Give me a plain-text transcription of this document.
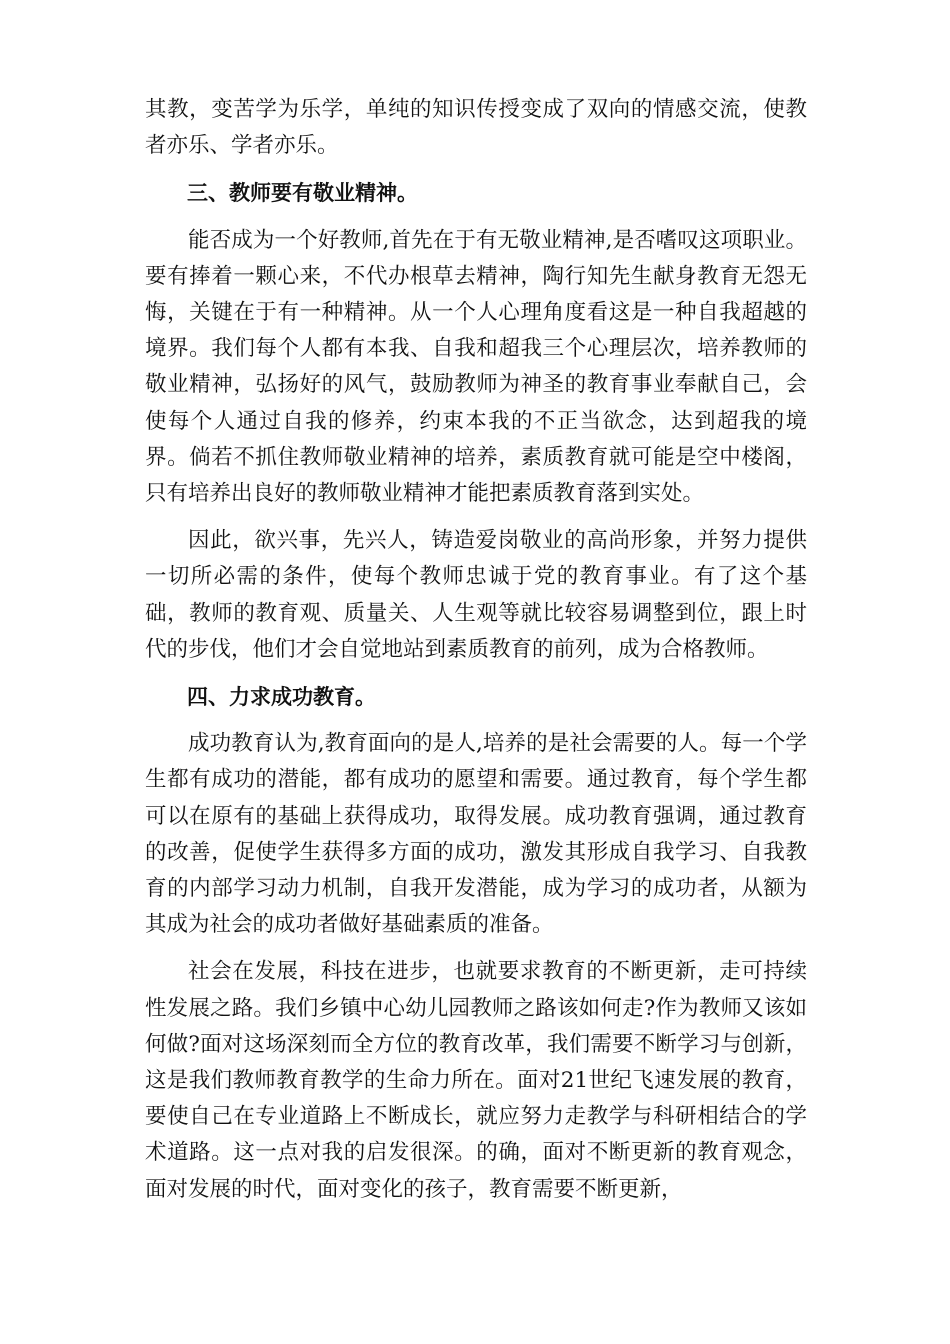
其教，变苦学为乐学，单纯的知识传授变成了双向的情感交流，使教者亦乐、学者亦乐。

三、教师要有敬业精神。

能否成为一个好教师,首先在于有无敬业精神,是否嗜叹这项职业。要有捧着一颗心来，不代办根草去精神，陶行知先生献身教育无怨无悔，关键在于有一种精神。从一个人心理角度看这是一种自我超越的境界。我们每个人都有本我、自我和超我三个心理层次，培养教师的敬业精神，弘扬好的风气，鼓励教师为神圣的教育事业奉献自己，会使每个人通过自我的修养，约束本我的不正当欲念，达到超我的境界。倘若不抓住教师敬业精神的培养，素质教育就可能是空中楼阁，只有培养出良好的教师敬业精神才能把素质教育落到实处。

因此，欲兴事，先兴人，铸造爱岗敬业的高尚形象，并努力提供一切所必需的条件，使每个教师忠诚于党的教育事业。有了这个基础，教师的教育观、质量关、人生观等就比较容易调整到位，跟上时代的步伐，他们才会自觉地站到素质教育的前列，成为合格教师。

四、力求成功教育。

成功教育认为,教育面向的是人,培养的是社会需要的人。每一个学生都有成功的潜能，都有成功的愿望和需要。通过教育，每个学生都可以在原有的基础上获得成功，取得发展。成功教育强调，通过教育的改善，促使学生获得多方面的成功，激发其形成自我学习、自我教育的内部学习动力机制，自我开发潜能，成为学习的成功者，从额为其成为社会的成功者做好基础素质的准备。

社会在发展，科技在进步，也就要求教育的不断更新，走可持续性发展之路。我们乡镇中心幼儿园教师之路该如何走?作为教师又该如何做?面对这场深刻而全方位的教育改革，我们需要不断学习与创新，这是我们教师教育教学的生命力所在。面对21世纪飞速发展的教育，要使自己在专业道路上不断成长，就应努力走教学与科研相结合的学术道路。这一点对我的启发很深。的确，面对不断更新的教育观念，面对发展的时代，面对变化的孩子，教育需要不断更新，
